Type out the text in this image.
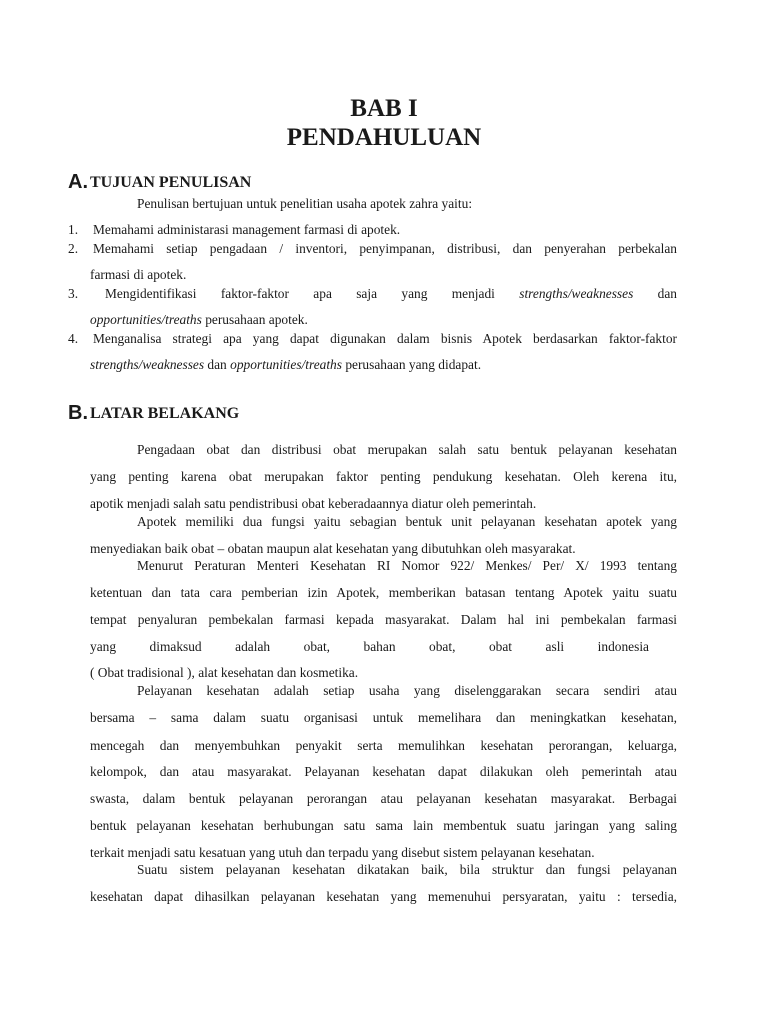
BAB I
PENDAHULUAN
A. TUJUAN PENULISAN
Penulisan bertujuan untuk penelitian usaha apotek zahra yaitu:
1. Memahami administarasi management farmasi di apotek.
2. Memahami setiap pengadaan / inventori, penyimpanan, distribusi, dan penyerahan perbekalan
farmasi di apotek.
3. Mengidentifikasi faktor-faktor apa saja yang menjadi strengths/weaknesses dan
opportunities/treaths perusahaan apotek.
4. Menganalisa strategi apa yang dapat digunakan dalam bisnis Apotek berdasarkan faktor-faktor
strengths/weaknesses dan opportunities/treaths perusahaan yang didapat.
B. LATAR BELAKANG
Pengadaan obat dan distribusi obat merupakan salah satu bentuk pelayanan kesehatan
yang penting karena obat merupakan faktor penting pendukung kesehatan. Oleh kerena itu,
apotik menjadi salah satu pendistribusi obat keberadaannya diatur oleh pemerintah.
Apotek memiliki dua fungsi yaitu sebagian bentuk unit pelayanan kesehatan apotek yang
menyediakan baik obat – obatan maupun alat kesehatan yang dibutuhkan oleh masyarakat.
Menurut Peraturan Menteri Kesehatan RI Nomor 922/ Menkes/ Per/ X/ 1993 tentang
ketentuan dan tata cara pemberian izin Apotek, memberikan batasan tentang Apotek yaitu suatu
tempat penyaluran pembekalan farmasi kepada masyarakat. Dalam hal ini pembekalan farmasi
yang dimaksud adalah obat, bahan obat, obat asli indonesia
( Obat tradisional ), alat kesehatan dan kosmetika.
Pelayanan kesehatan adalah setiap usaha yang diselenggarakan secara sendiri atau
bersama – sama dalam suatu organisasi untuk memelihara dan meningkatkan kesehatan,
mencegah dan menyembuhkan penyakit serta memulihkan kesehatan perorangan, keluarga,
kelompok, dan atau masyarakat. Pelayanan kesehatan dapat dilakukan oleh pemerintah atau
swasta, dalam bentuk pelayanan perorangan atau pelayanan kesehatan masyarakat. Berbagai
bentuk pelayanan kesehatan berhubungan satu sama lain membentuk suatu jaringan yang saling
terkait menjadi satu kesatuan yang utuh dan terpadu yang disebut sistem pelayanan kesehatan.
Suatu sistem pelayanan kesehatan dikatakan baik, bila struktur dan fungsi pelayanan
kesehatan dapat dihasilkan pelayanan kesehatan yang memenuhui persyaratan, yaitu : tersedia,
